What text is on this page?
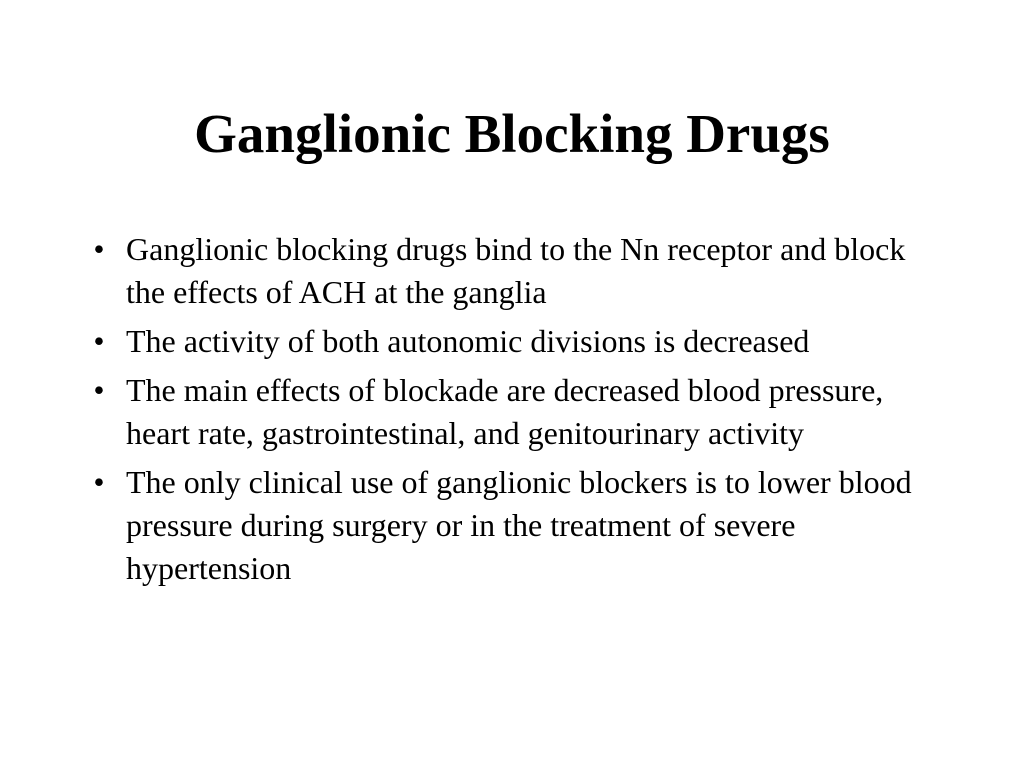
Ganglionic Blocking Drugs
• Ganglionic blocking drugs bind to the Nn receptor and block the effects of ACH at the ganglia
• The activity of both autonomic divisions is decreased
• The main effects of blockade are decreased blood pressure, heart rate, gastrointestinal, and genitourinary activity
• The only clinical use of ganglionic blockers is to lower blood pressure during surgery or in the treatment of severe hypertension
